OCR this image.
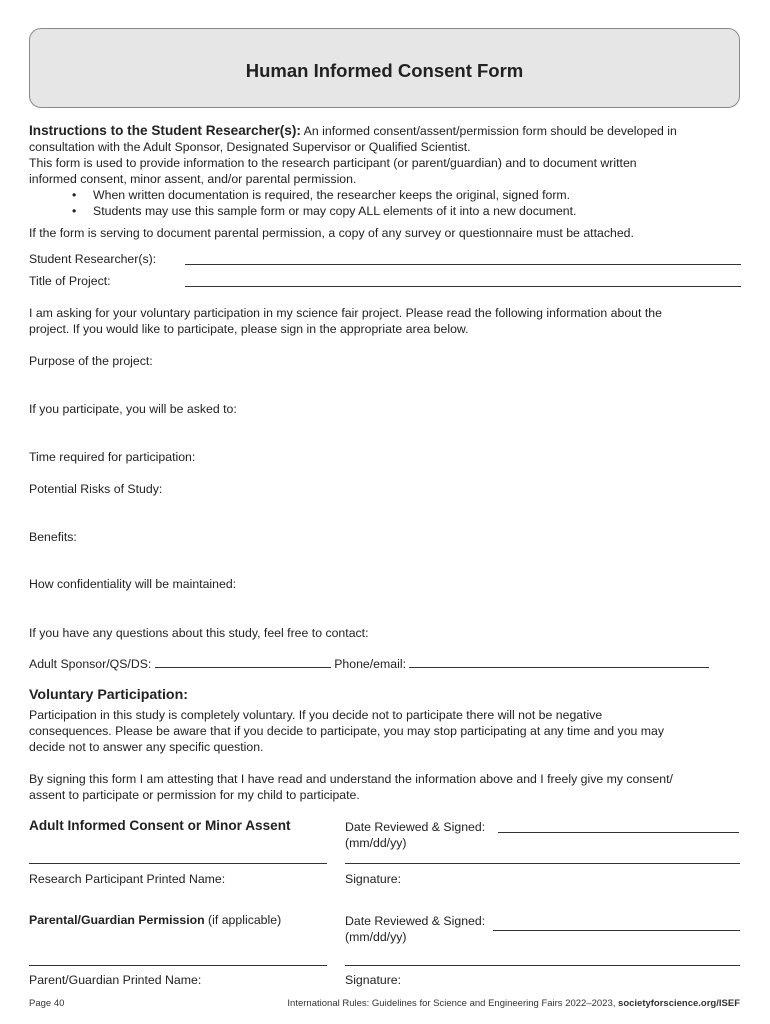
Human Informed Consent Form
Instructions to the Student Researcher(s): An informed consent/assent/permission form should be developed in
consultation with the Adult Sponsor, Designated Supervisor or Qualified Scientist.
This form is used to provide information to the research participant (or parent/guardian) and to document written
informed consent, minor assent, and/or parental permission.
• When written documentation is required, the researcher keeps the original, signed form.
• Students may use this sample form or may copy ALL elements of it into a new document.
If the form is serving to document parental permission, a copy of any survey or questionnaire must be attached.
Student Researcher(s):
Title of Project:
I am asking for your voluntary participation in my science fair project. Please read the following information about the
project. If you would like to participate, please sign in the appropriate area below.
Purpose of the project:
If you participate, you will be asked to:
Time required for participation:
Potential Risks of Study:
Benefits:
How confidentiality will be maintained:
If you have any questions about this study, feel free to contact:
Adult Sponsor/QS/DS:	Phone/email:
Voluntary Participation:
Participation in this study is completely voluntary. If you decide not to participate there will not be negative
consequences. Please be aware that if you decide to participate, you may stop participating at any time and you may
decide not to answer any specific question.
By signing this form I am attesting that I have read and understand the information above and I freely give my consent/
assent to participate or permission for my child to participate.
Adult Informed Consent or Minor Assent	Date Reviewed & Signed:
(mm/dd/yy)
Research Participant Printed Name:	Signature:
Parental/Guardian Permission (if applicable)	Date Reviewed & Signed:
(mm/dd/yy)
Parent/Guardian Printed Name:	Signature:
Page 40	International Rules: Guidelines for Science and Engineering Fairs 2022–2023, societyforscience.org/ISEF
